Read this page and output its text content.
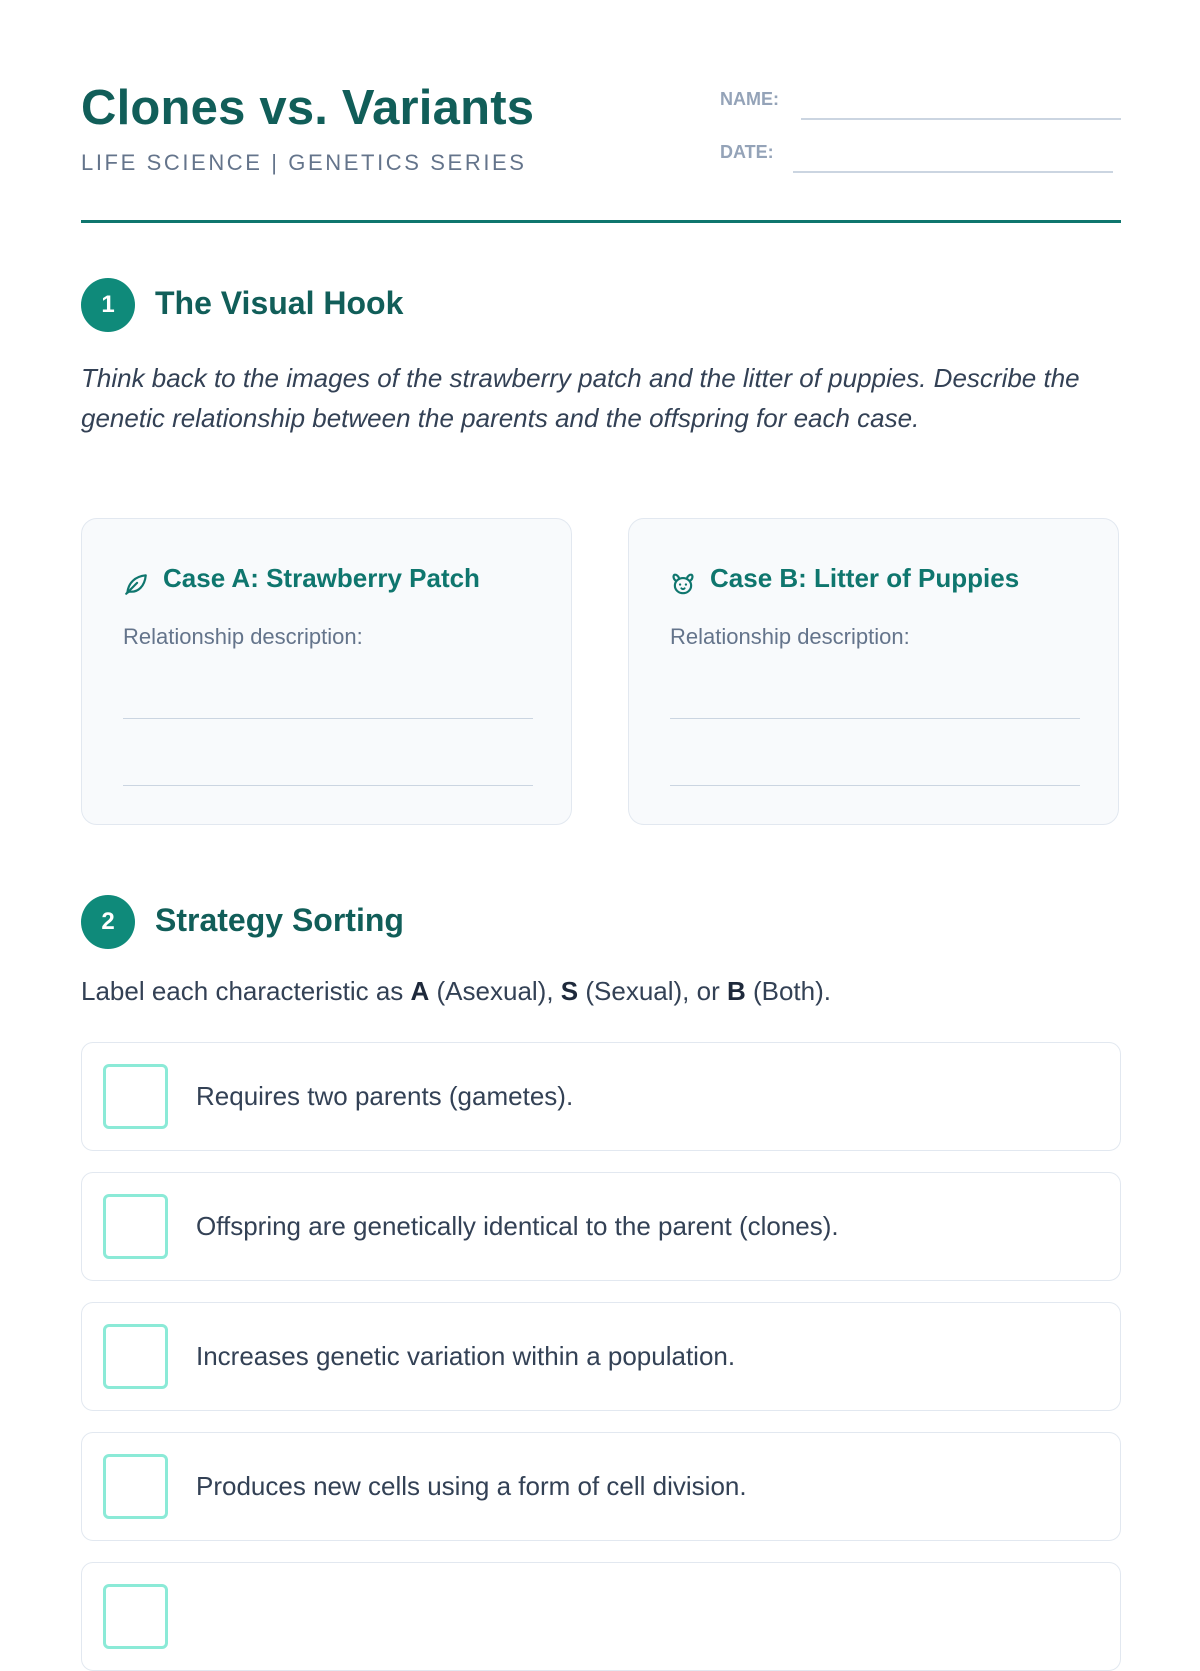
Clones vs. Variants
LIFE SCIENCE | GENETICS SERIES
NAME:
DATE:
1	The Visual Hook
Think back to the images of the strawberry patch and the litter of puppies. Describe the genetic relationship between the parents and the offspring for each case.
Case A: Strawberry Patch
Relationship description:
Case B: Litter of Puppies
Relationship description:
2	Strategy Sorting
Label each characteristic as A (Asexual), S (Sexual), or B (Both).
Requires two parents (gametes).
Offspring are genetically identical to the parent (clones).
Increases genetic variation within a population.
Produces new cells using a form of cell division.
